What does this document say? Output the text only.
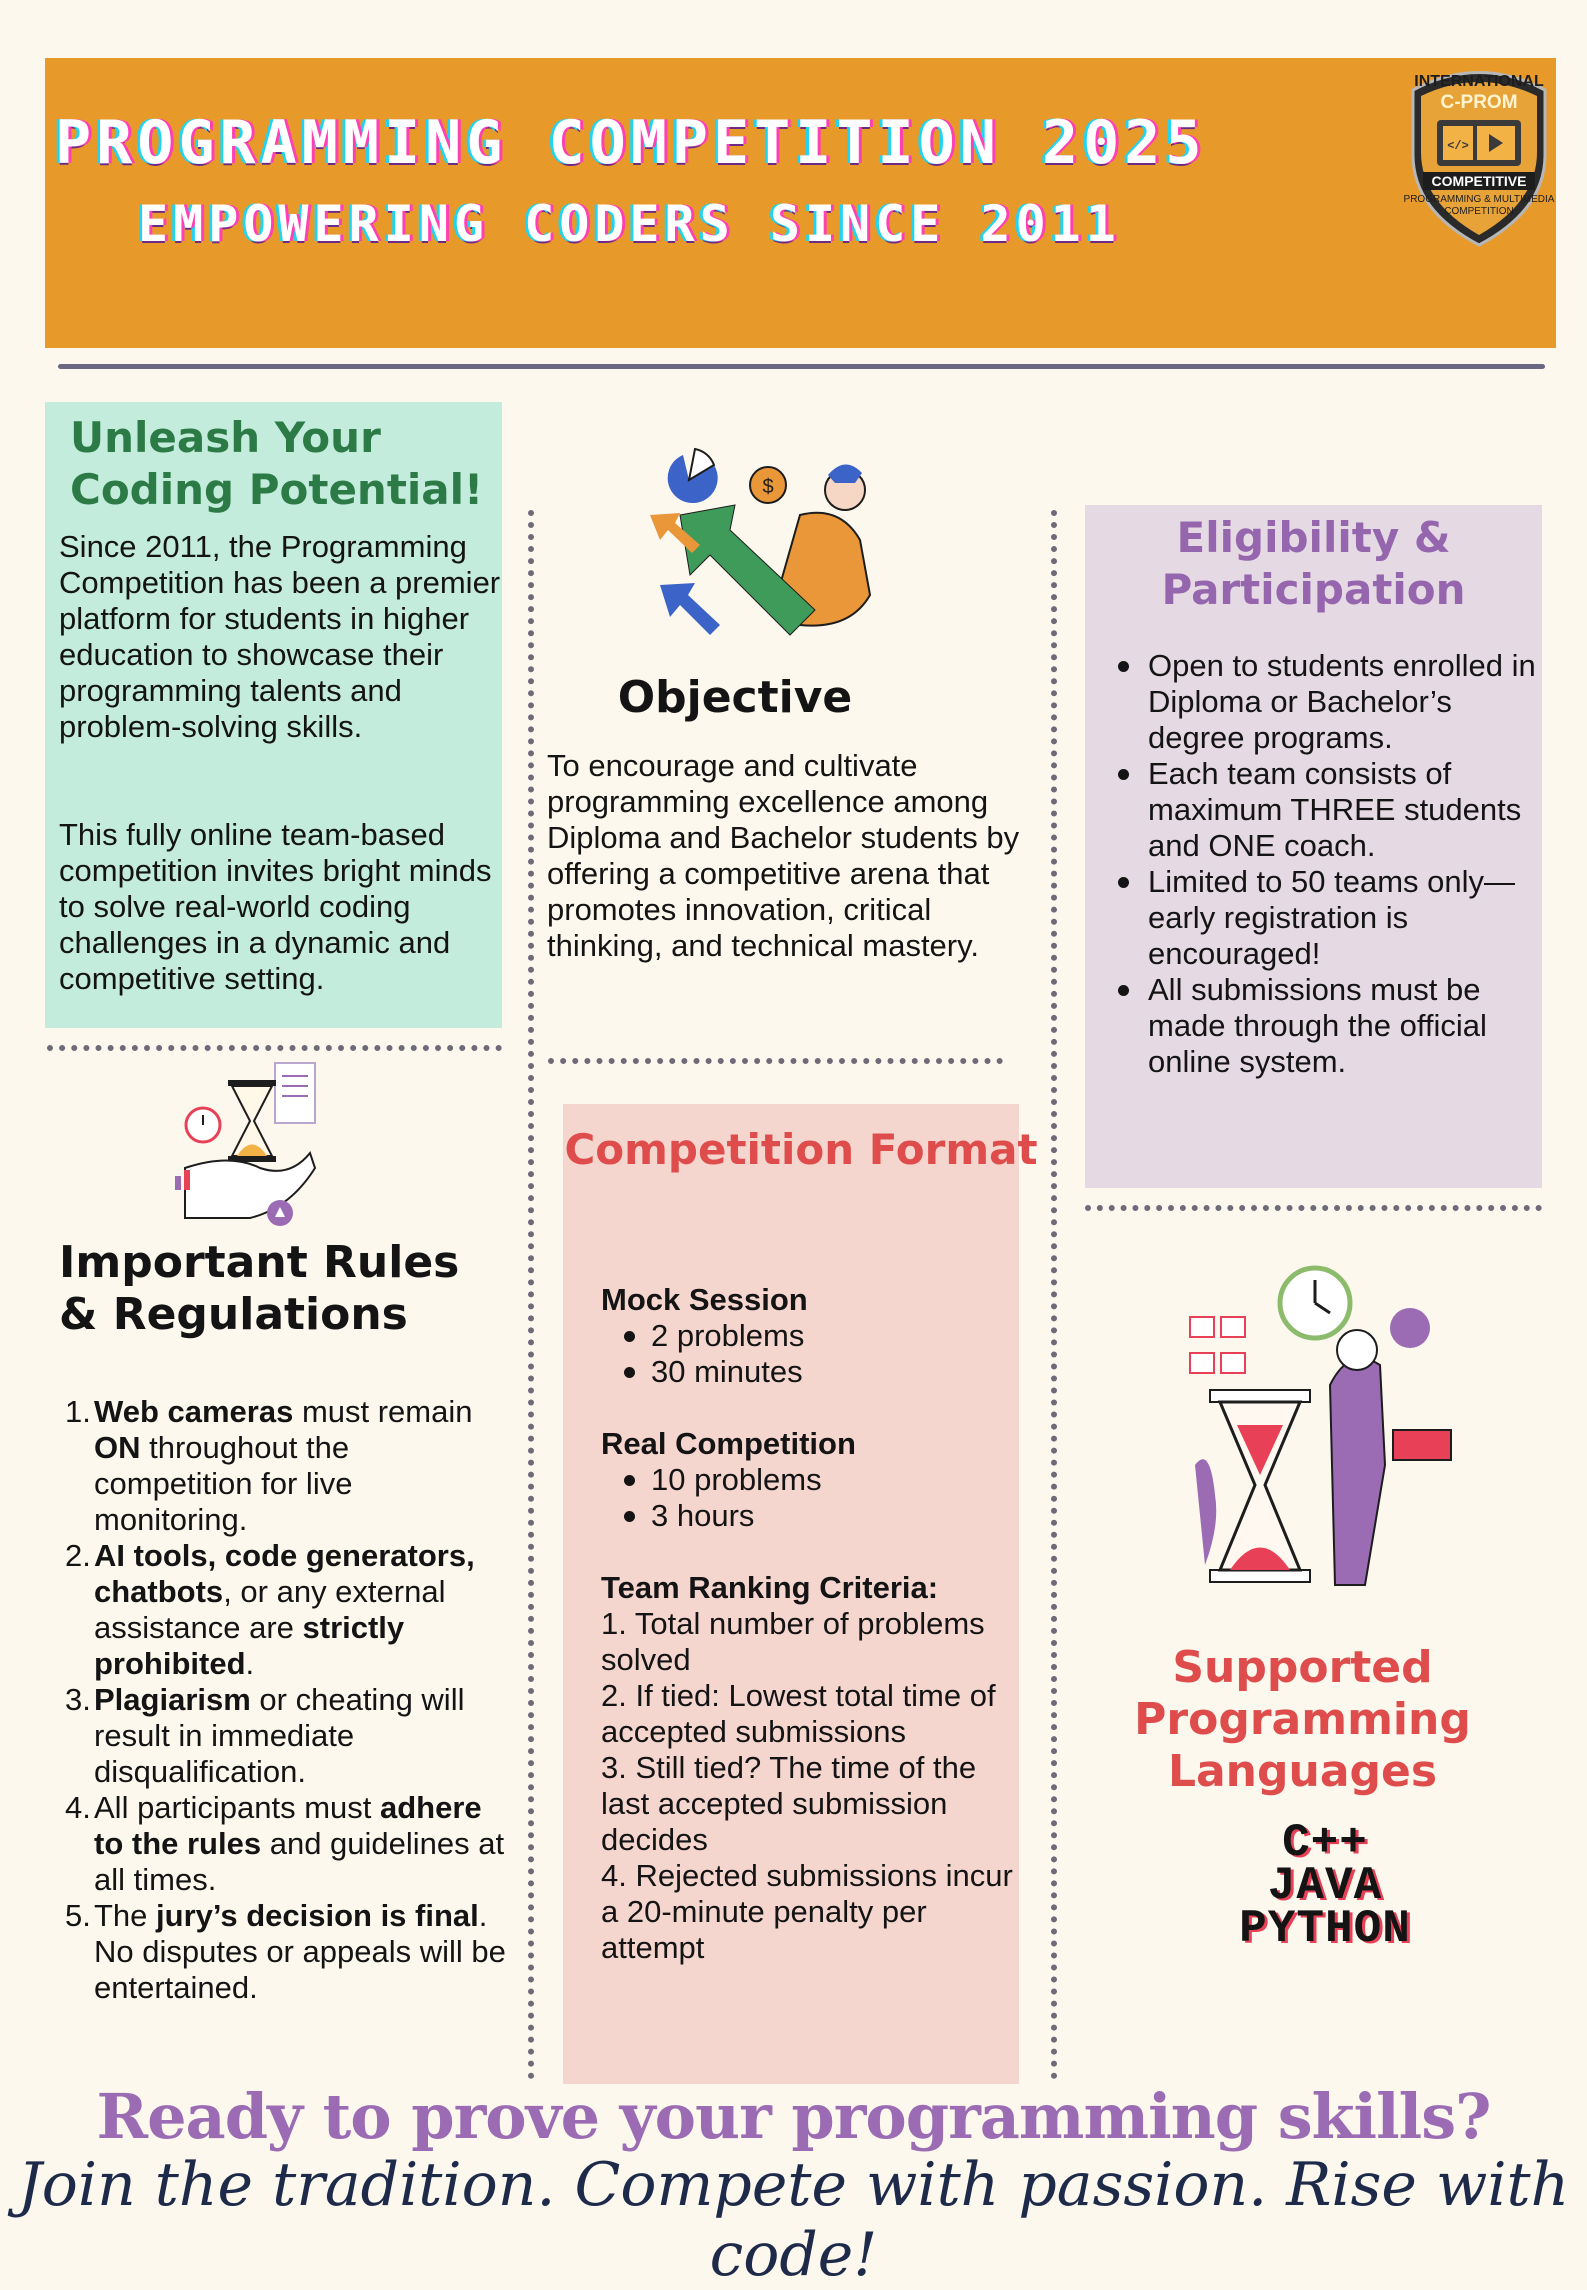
PROGRAMMING COMPETITION 2025
EMPOWERING CODERS SINCE 2011
INTERNATIONAL
C-PROM
</>
COMPETITIVE
PROGRAMMING & MULTIMEDIA
COMPETITION
Unleash Your Coding Potential!
Since 2011, the Programming Competition has been a premier platform for students in higher education to showcase their programming talents and problem-solving skills.
This fully online team-based competition invites bright minds to solve real-world coding challenges in a dynamic and competitive setting.
$
Objective
To encourage and cultivate programming excellence among Diploma and Bachelor students by offering a competitive arena that promotes innovation, critical thinking, and technical mastery.
Eligibility & Participation
Open to students enrolled in Diploma or Bachelor’s degree programs.
Each team consists of maximum THREE students and ONE coach.
Limited to 50 teams only—early registration is encouraged!
All submissions must be made through the official online system.
Important Rules & Regulations
1. Web cameras must remain ON throughout the competition for live monitoring.
2. AI tools, code generators, chatbots, or any external assistance are strictly prohibited.
3. Plagiarism or cheating will result in immediate disqualification.
4. All participants must adhere to the rules and guidelines at all times.
5. The jury’s decision is final. No disputes or appeals will be entertained.
Competition Format
Mock Session
2 problems
30 minutes
Real Competition
10 problems
3 hours
Team Ranking Criteria:
1. Total number of problems solved
2. If tied: Lowest total time of accepted submissions
3. Still tied? The time of the last accepted submission decides
4. Rejected submissions incur a 20-minute penalty per attempt
Supported Programming Languages
C++
JAVA
PYTHON
Ready to prove your programming skills?
Join the tradition. Compete with passion. Rise with code!
